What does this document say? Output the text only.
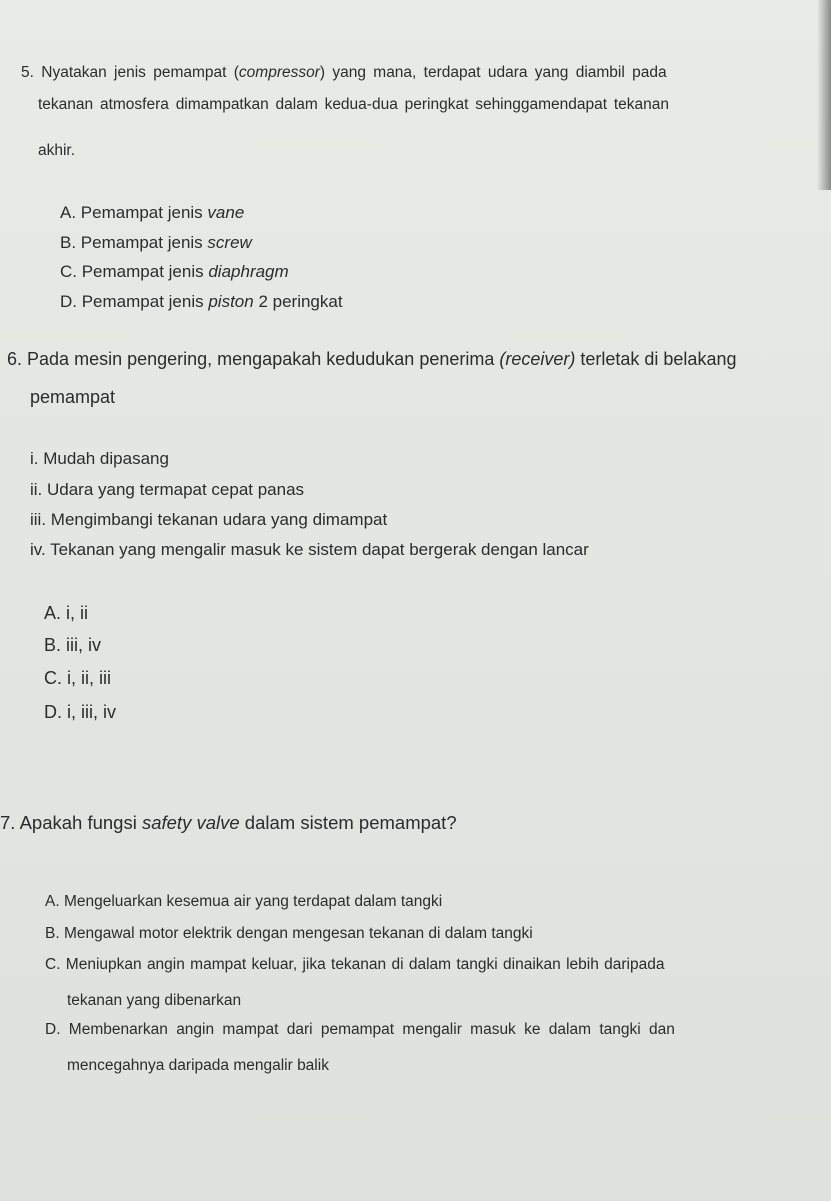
5. Nyatakan jenis pemampat (compressor) yang mana, terdapat udara yang diambil pada
tekanan atmosfera dimampatkan dalam kedua-dua peringkat sehinggamendapat tekanan
akhir.
A. Pemampat jenis vane
B. Pemampat jenis screw
C. Pemampat jenis diaphragm
D. Pemampat jenis piston 2 peringkat
6. Pada mesin pengering, mengapakah kedudukan penerima (receiver) terletak di belakang
pemampat
i. Mudah dipasang
ii. Udara yang termapat cepat panas
iii. Mengimbangi tekanan udara yang dimampat
iv. Tekanan yang mengalir masuk ke sistem dapat bergerak dengan lancar
A. i, ii
B. iii, iv
C. i, ii, iii
D. i, iii, iv
7. Apakah fungsi safety valve dalam sistem pemampat?
A. Mengeluarkan kesemua air yang terdapat dalam tangki
B. Mengawal motor elektrik dengan mengesan tekanan di dalam tangki
C. Meniupkan angin mampat keluar, jika tekanan di dalam tangki dinaikan lebih daripada
tekanan yang dibenarkan
D. Membenarkan angin mampat dari pemampat mengalir masuk ke dalam tangki dan
mencegahnya daripada mengalir balik
